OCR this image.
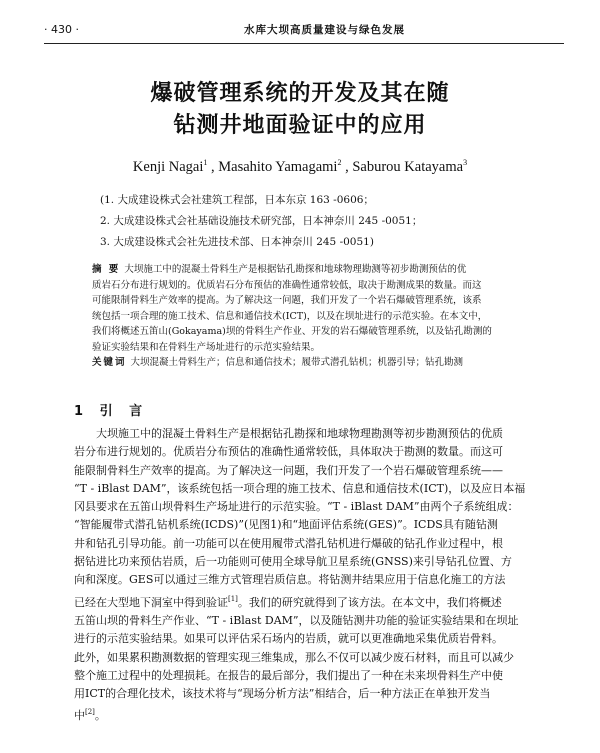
· 430 ·	水库大坝高质量建设与绿色发展
爆破管理系统的开发及其在随
钻测井地面验证中的应用
Kenji Nagai$^1$ , Masahito Yamagami$^2$ , Saburou Katayama$^3$
(1. 大成建设株式会社建筑工程部，日本东京 163 -0606；
2. 大成建设株式会社基础设施技术研究部，日本神奈川 245 -0051；
3. 大成建设株式会社先进技术部、日本神奈川 245 -0051)
摘 要 大坝施工中的混凝土骨料生产是根据钻孔勘探和地球物理勘测等初步勘测预估的优
质岩石分布进行规划的。优质岩石分布预估的准确性通常较低，取决于勘测成果的数量。而这
可能限制骨料生产效率的提高。为了解决这一问题，我们开发了一个岩石爆破管理系统，该系
统包括一项合理的施工技术、信息和通信技术(ICT)，以及在坝址进行的示范实验。在本文中，
我们将概述五笛山(Gokayama)坝的骨料生产作业、开发的岩石爆破管理系统，以及钻孔勘测的
验证实验结果和在骨料生产场址进行的示范实验结果。
关键词 大坝混凝土骨料生产；信息和通信技术；履带式潜孔钻机；机器引导；钻孔勘测
1 引 言
大坝施工中的混凝土骨料生产是根据钻孔勘探和地球物理勘测等初步勘测预估的优质
岩分布进行规划的。优质岩分布预估的准确性通常较低，具体取决于勘测的数量。而这可
能限制骨料生产效率的提高。为了解决这一问题，我们开发了一个岩石爆破管理系统——
“T - iBlast DAM”，该系统包括一项合理的施工技术、信息和通信技术(ICT)，以及应日本福
冈县要求在五笛山坝骨料生产场址进行的示范实验。“T - iBlast DAM”由两个子系统组成：
“智能履带式潜孔钻机系统(ICDS)”(见图1)和“地面评估系统(GES)”。ICDS具有随钻测
井和钻孔引导功能。前一功能可以在使用履带式潜孔钻机进行爆破的钻孔作业过程中，根
据钻进比功来预估岩质，后一功能则可使用全球导航卫星系统(GNSS)来引导钻孔位置、方
向和深度。GES可以通过三维方式管理岩质信息。将钻测井结果应用于信息化施工的方法
已经在大型地下洞室中得到验证[1]。我们的研究就得到了该方法。在本文中，我们将概述
五笛山坝的骨料生产作业、“T - iBlast DAM”，以及随钻测井功能的验证实验结果和在坝址
进行的示范实验结果。如果可以评估采石场内的岩质，就可以更准确地采集优质岩骨料。
此外，如果累积勘测数据的管理实现三维集成，那么不仅可以减少废石材料，而且可以减少
整个施工过程中的处理损耗。在报告的最后部分，我们提出了一种在未来坝骨料生产中使
用ICT的合理化技术，该技术将与“现场分析方法”相结合，后一种方法正在单独开发当
中[2]。
